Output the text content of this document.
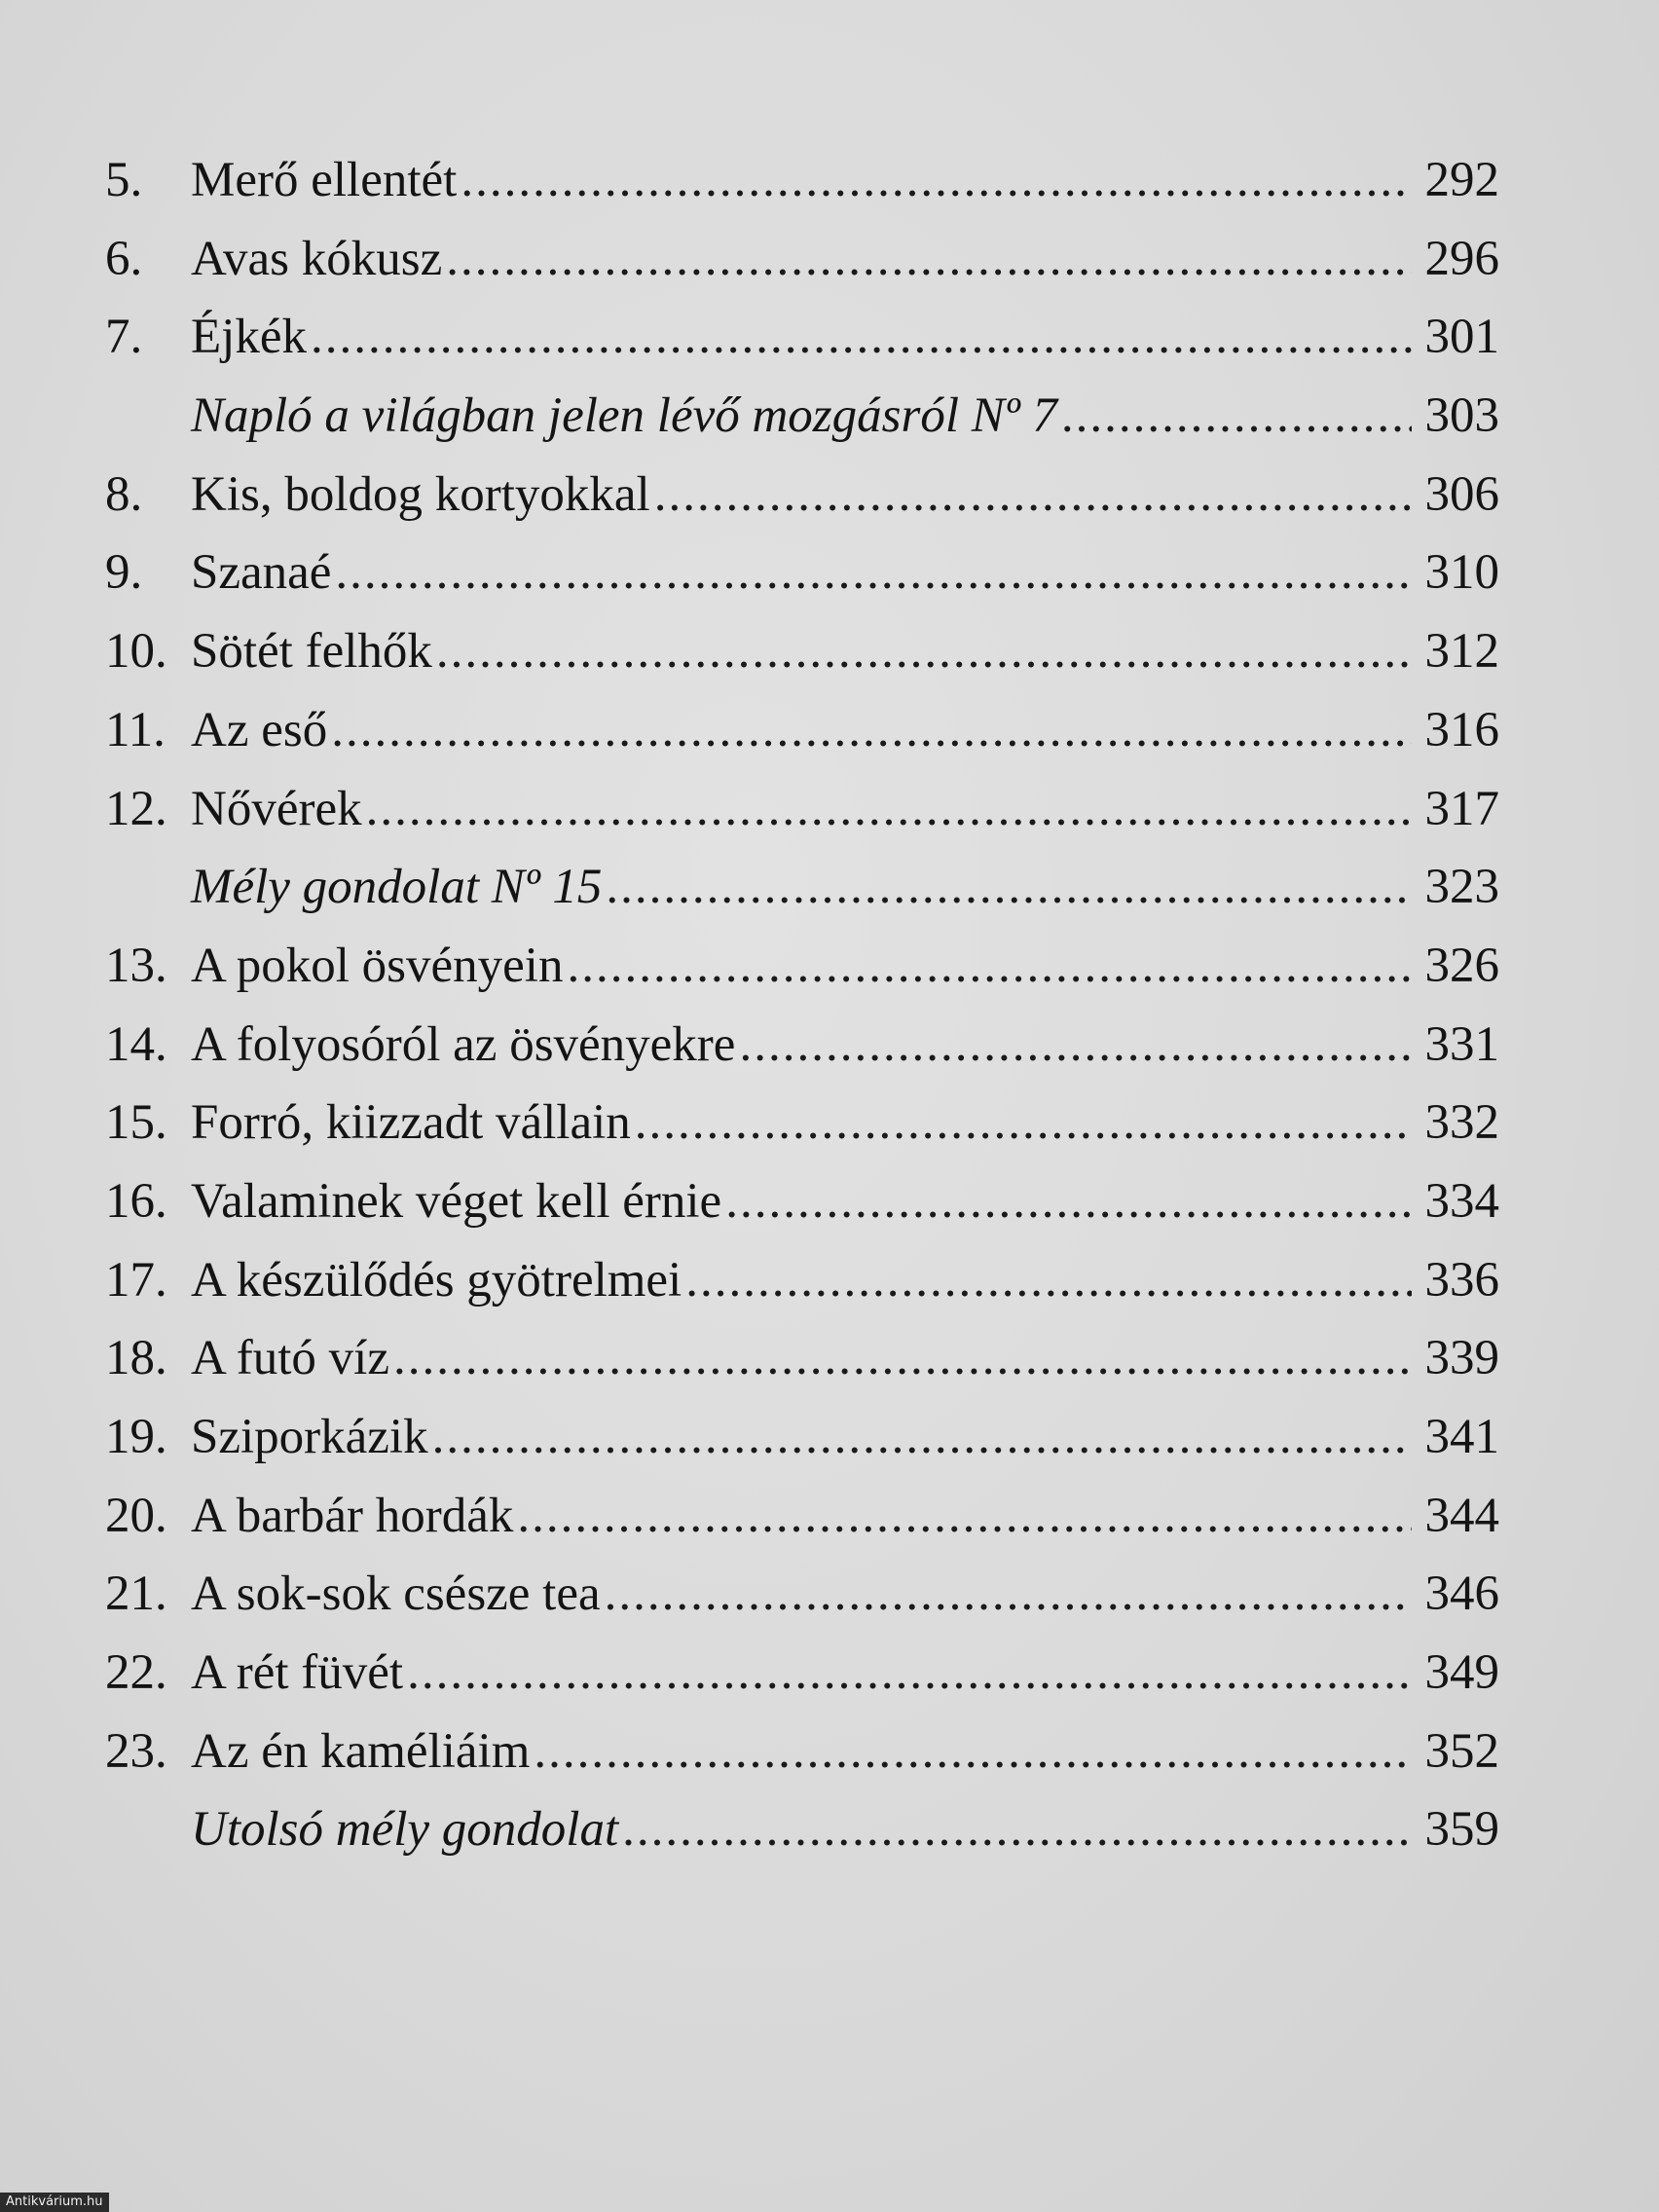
5. Merő ellentét .....	292
6. Avas kókusz .....	296
7. Éjkék .....	301
Napló a világban jelen lévő mozgásról Nº 7 .....	303
8. Kis, boldog kortyokkal .....	306
9. Szanaé .....	310
10. Sötét felhők .....	312
11. Az eső .....	316
12. Nővérek .....	317
Mély gondolat Nº 15 .....	323
13. A pokol ösvényein .....	326
14. A folyosóról az ösvényekre .....	331
15. Forró, kiizzadt vállain .....	332
16. Valaminek véget kell érnie .....	334
17. A készülődés gyötrelmei .....	336
18. A futó víz .....	339
19. Sziporkázik .....	341
20. A barbár hordák .....	344
21. A sok-sok csésze tea .....	346
22. A rét füvét .....	349
23. Az én kaméliáim .....	352
Utolsó mély gondolat .....	359
Antikvárium.hu
